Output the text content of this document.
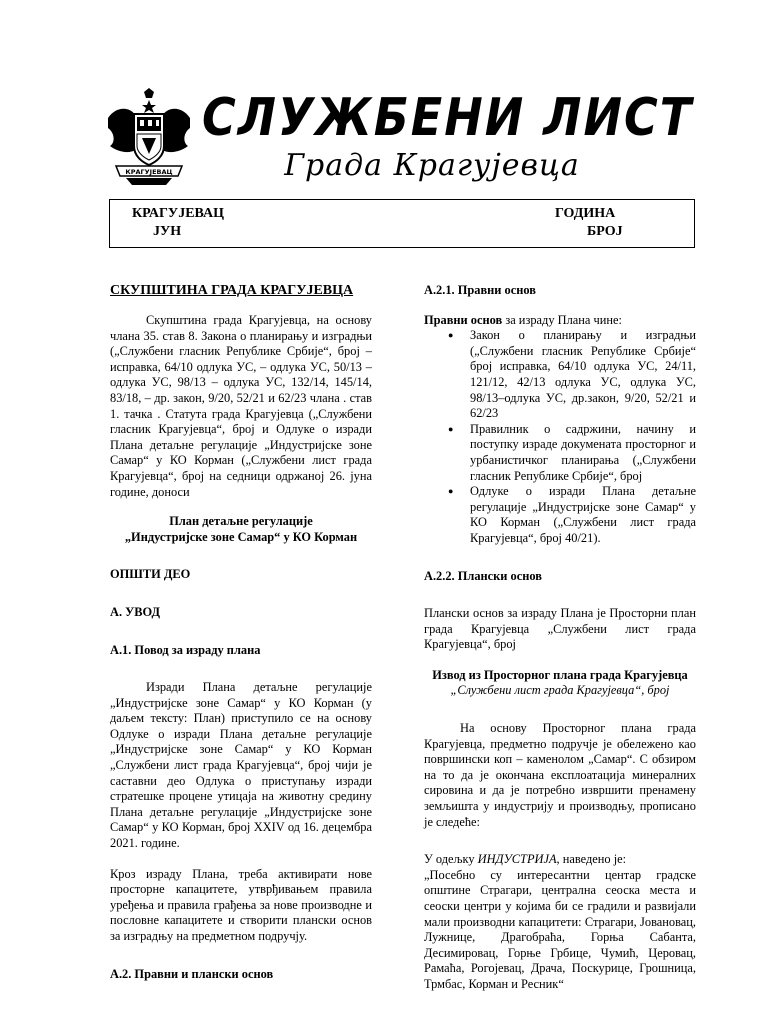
КРАГУЈЕВАЦ
СЛУЖБЕНИ ЛИСТ
Града Крагујевца
КРАГУЈЕВАЦ
ЈУН
ГОДИНА
БРОЈ
СКУПШТИНА ГРАДА КРАГУЈЕВЦА

Скупштина града Крагујевца, на основу члана 35. став 8. Закона о планирању и изградњи („Службени гласник Републике Србије“, број – исправка, 64/10 одлука УС, – одлука УС, 50/13 – одлука УС, 98/13 – одлука УС, 132/14, 145/14, 83/18, – др. закон, 9/20, 52/21 и 62/23 члана . став 1. тачка . Статута града Крагујевца („Службени гласник Крагујевца“, број и Одлуке о изради Плана детаљне регулације „Индустријске зоне Самар“ у КО Корман („Службени лист града Крагујевца“, број на седници одржаној 26. јуна године, доноси

План детаљне регулације
„Индустријске зоне Самар“ у КО Корман
ОПШТИ ДЕО
А. УВОД
А.1. Повод за израду плана

Изради Плана детаљне регулације „Индустријске зоне Самар“ у КО Корман (у даљем тексту: План) приступило се на основу Одлуке о изради Плана детаљне регулације „Индустријске зоне Самар“ у КО Корман „Службени лист града Крагујевца“, број чији је саставни део Одлука о приступању изради стратешке процене утицаја на животну средину Плана детаљне регулације „Индустријске зоне Самар“ у КО Корман, број XXIV од 16. децембра 2021. године.

Кроз израду Плана, треба активирати нове просторне капацитете, утврђивањем правила уређења и правила грађења за нове производне и пословне капацитете и створити плански основ за изградњу на предметном подручју.

А.2. Правни и плански основ
А.2.1. Правни основ

Правни основ за израду Плана чине:

● Закон о планирању и изградњи („Службени гласник Републике Србије“ број исправка, 64/10 одлука УС, 24/11, 121/12, 42/13 одлука УС, одлука УС, 98/13–одлука УС, др.закон, 9/20, 52/21 и 62/23
● Правилник о садржини, начину и поступку израде докумената просторног и урбанистичког планирања („Службени гласник Републике Србије“, број
● Одлуке о изради Плана детаљне регулације „Индустријске зоне Самар“ у КО Корман („Службени лист града Крагујевца“, број 40/21).
А.2.2. Плански основ

Плански основ за израду Плана је Просторни план града Крагујевца „Службени лист града Крагујевца“, број

Извод из Просторног плана града Крагујевца

„Службени лист града Крагујевца“, број

На основу Просторног плана града Крагујевца, предметно подручје је обележено као површински коп – каменолом „Самар“. С обзиром на то да је окончана експлоатација минералних сировина и да је потребно извршити пренамену земљишта у индустрију и производњу, прописано је следеће:

У одељку ИНДУСТРИЈА, наведено је:

„Посебно су интересантни центар градске општине Страгари, централна сеоска места и сеоски центри у којима би се градили и развијали мали производни капацитети: Страгари, Јовановац, Лужнице, Драгобраћа, Горња Сабанта, Десимировац, Горње Грбице, Чумић, Церовац, Рамаћа, Рогојевац, Драча, Поскурице, Грошница, Трмбас, Корман и Ресник“
